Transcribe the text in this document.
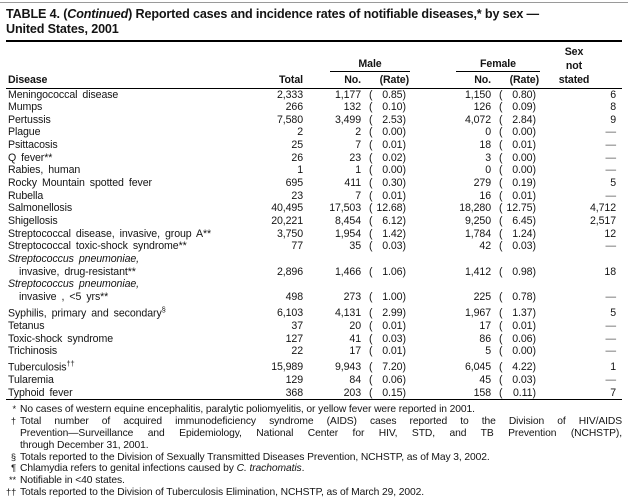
TABLE 4. (Continued) Reported cases and incidence rates of notifiable diseases,* by sex —
United States, 2001
						Sex

		Male		Female		not
Disease	Total	No.	(Rate)	No.	(Rate)	stated
Meningococcal disease	2,333	1,177	( 0.85)	1,150	( 0.80)	6
Mumps	266	132	( 0.10)	126	( 0.09)	8
Pertussis	7,580	3,499	( 2.53)	4,072	( 2.84)	9
Plague	2	2	( 0.00)	0	( 0.00)	—
Psittacosis	25	7	( 0.01)	18	( 0.01)	—
Q fever**	26	23	( 0.02)	3	( 0.00)	—
Rabies, human	1	1	( 0.00)	0	( 0.00)	—
Rocky Mountain spotted fever	695	411	( 0.30)	279	( 0.19)	5
Rubella	23	7	( 0.01)	16	( 0.01)	—
Salmonellosis	40,495	17,503	( 12.68)	18,280	( 12.75)	4,712
Shigellosis	20,221	8,454	( 6.12)	9,250	( 6.45)	2,517
Streptococcal disease, invasive, group A**	3,750	1,954	( 1.42)	1,784	( 1.24)	12
Streptococcal toxic-shock syndrome**	77	35	( 0.03)	42	( 0.03)	—
Streptococcus pneumoniae,						
invasive, drug-resistant**	2,896	1,466	( 1.06)	1,412	( 0.98)	18
Streptococcus pneumoniae,						
invasive , <5 yrs**	498	273	( 1.00)	225	( 0.78)	—
Syphilis, primary and secondary§	6,103	4,131	( 2.99)	1,967	( 1.37)	5
Tetanus	37	20	( 0.01)	17	( 0.01)	—
Toxic-shock syndrome	127	41	( 0.03)	86	( 0.06)	—
Trichinosis	22	17	( 0.01)	5	( 0.00)	—
Tuberculosis††	15,989	9,943	( 7.20)	6,045	( 4.22)	1
Tularemia	129	84	( 0.06)	45	( 0.03)	—
Typhoid fever	368	203	( 0.15)	158	( 0.11)	7
* No cases of western equine encephalitis, paralytic poliomyelitis, or yellow fever were reported in 2001.
† Total number of acquired immunodeficiency syndrome (AIDS) cases reported to the Division of HIV/AIDS
Prevention—Surveillance and Epidemiology, National Center for HIV, STD, and TB Prevention (NCHSTP),
through December 31, 2001.
§ Totals reported to the Division of Sexually Transmitted Diseases Prevention, NCHSTP, as of May 3, 2002.
¶ Chlamydia refers to genital infections caused by C. trachomatis.
** Notifiable in <40 states.
†† Totals reported to the Division of Tuberculosis Elimination, NCHSTP, as of March 29, 2002.
